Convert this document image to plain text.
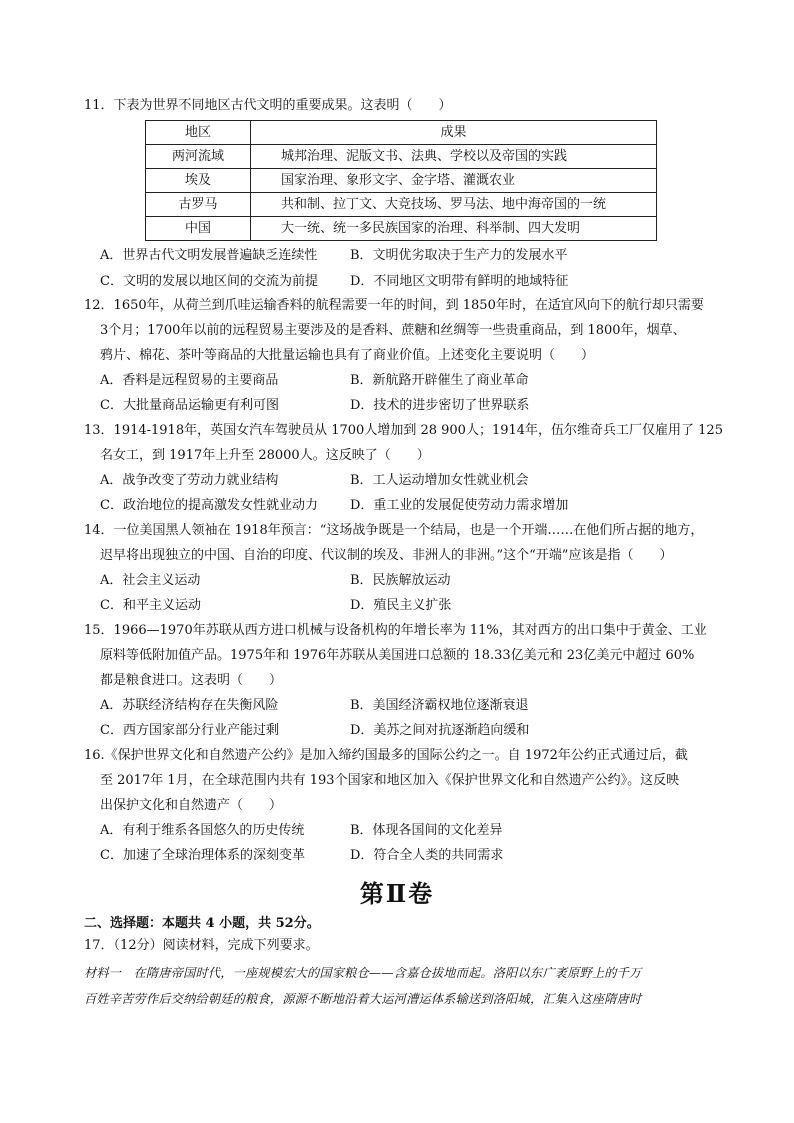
11．下表为世界不同地区古代文明的重要成果。这表明（　　）
地区	成果
两河流域	城邦治理、泥版文书、法典、学校以及帝国的实践
埃及	国家治理、象形文字、金字塔、灌溉农业
古罗马	共和制、拉丁文、大竞技场、罗马法、地中海帝国的一统
中国	大一统、统一多民族国家的治理、科举制、四大发明
A．世界古代文明发展普遍缺乏连续性	B．文明优劣取决于生产力的发展水平
C．文明的发展以地区间的交流为前提 D．不同地区文明带有鲜明的地域特征
12．1650年，从荷兰到爪哇运输香料的航程需要一年的时间，到 1850年时，在适宜风向下的航行却只需要
3个月；1700年以前的远程贸易主要涉及的是香料、蔗糖和丝绸等一些贵重商品，到 1800年，烟草、
鸦片、棉花、茶叶等商品的大批量运输也具有了商业价值。上述变化主要说明（　　）
A．香料是远程贸易的主要商品	B．新航路开辟催生了商业革命
C．大批量商品运输更有利可图	D．技术的进步密切了世界联系
13．1914-1918年，英国女汽车驾驶员从 1700人增加到 28 900人；1914年，伍尔维奇兵工厂仅雇用了 125
名女工，到 1917年上升至 28000人。这反映了（　　）
A．战争改变了劳动力就业结构	B．工人运动增加女性就业机会
C．政治地位的提高激发女性就业动力 D．重工业的发展促使劳动力需求增加
14．一位美国黑人领袖在 1918年预言：“这场战争既是一个结局，也是一个开端……在他们所占据的地方，
迟早将出现独立的中国、自治的印度、代议制的埃及、非洲人的非洲。”这个“开端”应该是指（　　）
A．社会主义运动	B．民族解放运动
C．和平主义运动	D．殖民主义扩张
15．1966—1970年苏联从西方进口机械与设备机构的年增长率为 11%，其对西方的出口集中于黄金、工业
原料等低附加值产品。1975年和 1976年苏联从美国进口总额的 18.33亿美元和 23亿美元中超过 60%
都是粮食进口。这表明（　　）
A．苏联经济结构存在失衡风险	B．美国经济霸权地位逐渐衰退
C．西方国家部分行业产能过剩	D．美苏之间对抗逐渐趋向缓和
16.《保护世界文化和自然遗产公约》是加入缔约国最多的国际公约之一。自 1972年公约正式通过后，截
至 2017年 1月，在全球范围内共有 193个国家和地区加入《保护世界文化和自然遗产公约》。这反映
出保护文化和自然遗产（　　）
A．有利于维系各国悠久的历史传统	B．体现各国间的文化差异
C．加速了全球治理体系的深刻变革	D．符合全人类的共同需求
第Ⅱ卷
二、选择题：本题共 4 小题，共 52分。
17．（12分）阅读材料，完成下列要求。
材料一　在隋唐帝国时代，一座规模宏大的国家粮仓——含嘉仓拔地而起。洛阳以东广袤原野上的千万
百姓辛苦劳作后交纳给朝廷的粮食，源源不断地沿着大运河漕运体系输送到洛阳城，汇集入这座隋唐时
